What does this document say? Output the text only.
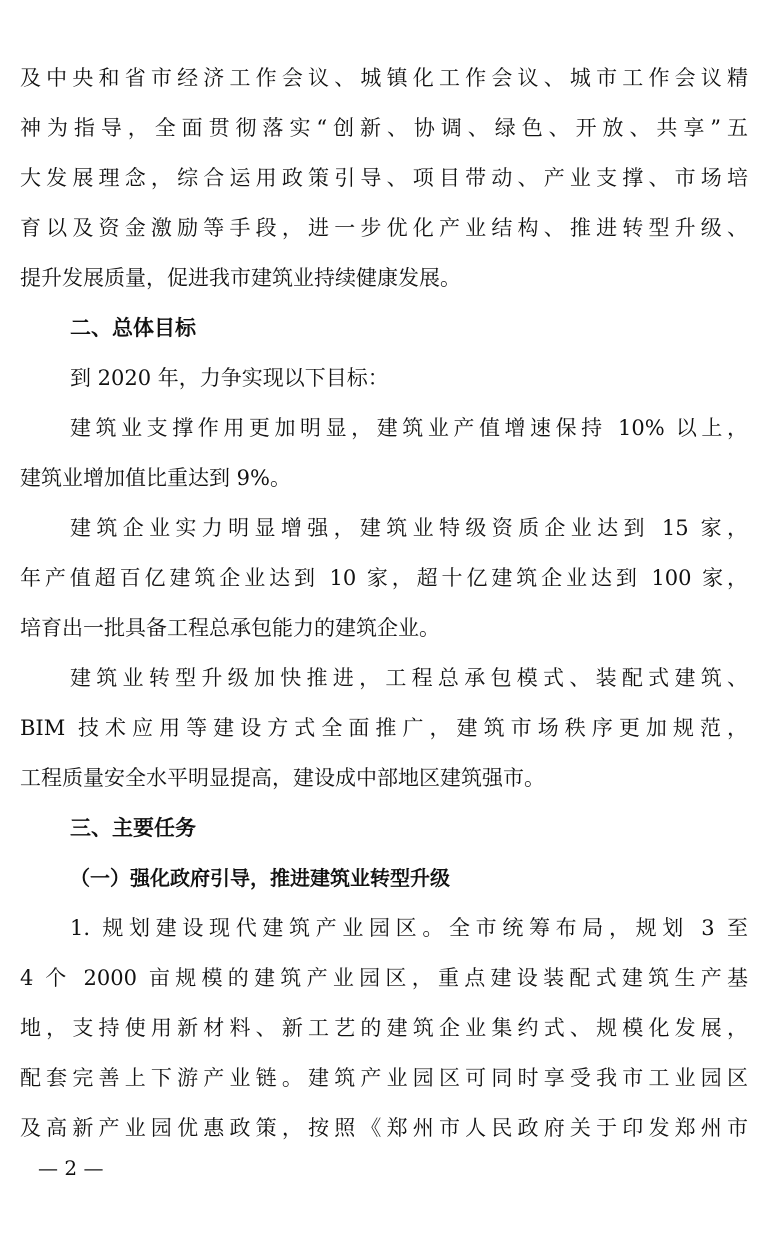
及中央和省市经济工作会议、城镇化工作会议、城市工作会议精
神为指导，全面贯彻落实“创新、协调、绿色、开放、共享”五
大发展理念，综合运用政策引导、项目带动、产业支撑、市场培
育以及资金激励等手段，进一步优化产业结构、推进转型升级、
提升发展质量，促进我市建筑业持续健康发展。
二、总体目标
到 2020 年，力争实现以下目标：
建筑业支撑作用更加明显，建筑业产值增速保持 10% 以上，
建筑业增加值比重达到 9%。
建筑企业实力明显增强，建筑业特级资质企业达到 15 家，
年产值超百亿建筑企业达到 10 家，超十亿建筑企业达到 100 家，
培育出一批具备工程总承包能力的建筑企业。
建筑业转型升级加快推进，工程总承包模式、装配式建筑、
BIM 技术应用等建设方式全面推广，建筑市场秩序更加规范，
工程质量安全水平明显提高，建设成中部地区建筑强市。
三、主要任务
（一）强化政府引导，推进建筑业转型升级
1. 规划建设现代建筑产业园区。全市统筹布局，规划 3 至
4 个 2000 亩规模的建筑产业园区，重点建设装配式建筑生产基
地，支持使用新材料、新工艺的建筑企业集约式、规模化发展，
配套完善上下游产业链。建筑产业园区可同时享受我市工业园区
及高新产业园优惠政策，按照《郑州市人民政府关于印发郑州市
— 2 —
